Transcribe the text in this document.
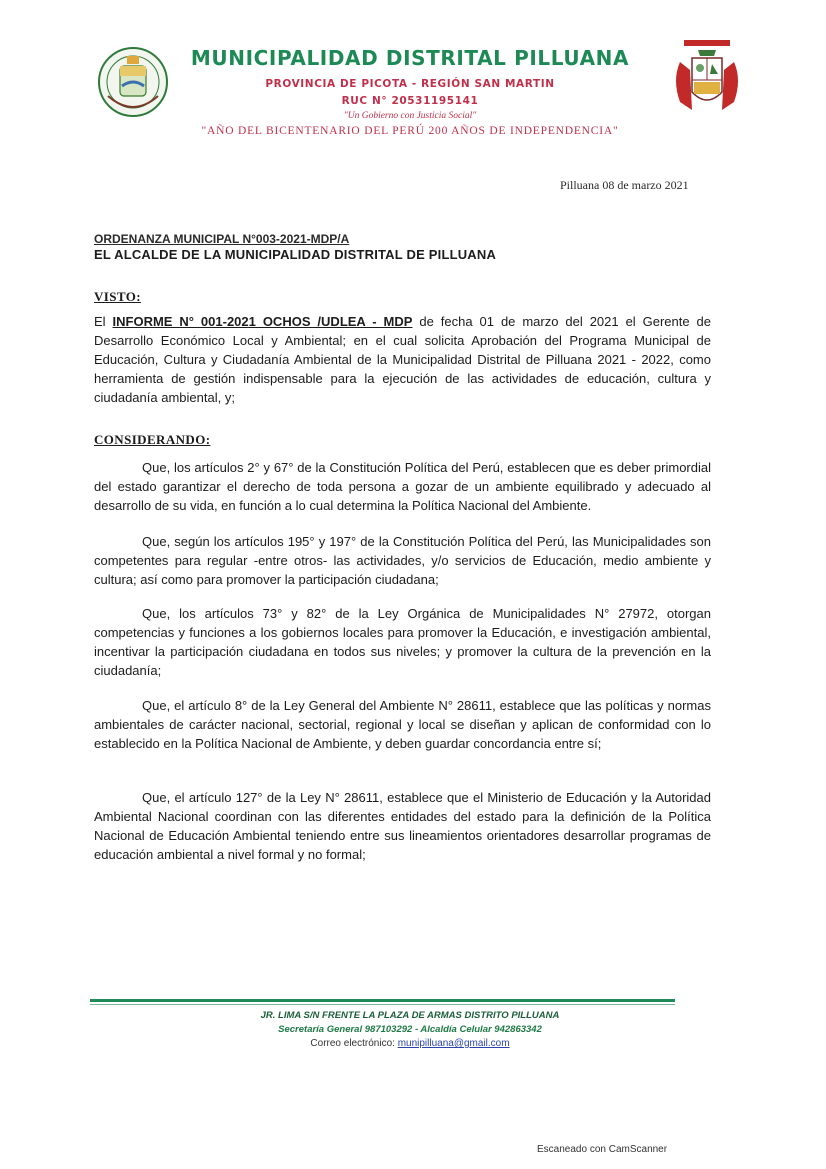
MUNICIPALIDAD DISTRITAL PILLUANA
PROVINCIA DE PICOTA - REGIÓN SAN MARTIN
RUC N° 20531195141
"Un Gobierno con Justicia Social"
"AÑO DEL BICENTENARIO DEL PERÚ 200 AÑOS DE INDEPENDENCIA"
Pilluana 08 de marzo 2021
ORDENANZA MUNICIPAL N°003-2021-MDP/A
EL ALCALDE DE LA MUNICIPALIDAD DISTRITAL DE PILLUANA
VISTO:
El INFORME N° 001-2021 OCHOS /UDLEA - MDP de fecha 01 de marzo del 2021 el Gerente de Desarrollo Económico Local y Ambiental; en el cual solicita Aprobación del Programa Municipal de Educación, Cultura y Ciudadanía Ambiental de la Municipalidad Distrital de Pilluana 2021 - 2022, como herramienta de gestión indispensable para la ejecución de las actividades de educación, cultura y ciudadanía ambiental, y;
CONSIDERANDO:
Que, los artículos 2° y 67° de la Constitución Política del Perú, establecen que es deber primordial del estado garantizar el derecho de toda persona a gozar de un ambiente equilibrado y adecuado al desarrollo de su vida, en función a lo cual determina la Política Nacional del Ambiente.
Que, según los artículos 195° y 197° de la Constitución Política del Perú, las Municipalidades son competentes para regular -entre otros- las actividades, y/o servicios de Educación, medio ambiente y cultura; así como para promover la participación ciudadana;
Que, los artículos 73° y 82° de la Ley Orgánica de Municipalidades N° 27972, otorgan competencias y funciones a los gobiernos locales para promover la Educación, e investigación ambiental, incentivar la participación ciudadana en todos sus niveles; y promover la cultura de la prevención en la ciudadanía;
Que, el artículo 8° de la Ley General del Ambiente N° 28611, establece que las políticas y normas ambientales de carácter nacional, sectorial, regional y local se diseñan y aplican de conformidad con lo establecido en la Política Nacional de Ambiente, y deben guardar concordancia entre sí;
Que, el artículo 127° de la Ley N° 28611, establece que el Ministerio de Educación y la Autoridad Ambiental Nacional coordinan con las diferentes entidades del estado para la definición de la Política Nacional de Educación Ambiental teniendo entre sus lineamientos orientadores desarrollar programas de educación ambiental a nivel formal y no formal;
JR. LIMA S/N FRENTE LA PLAZA DE ARMAS DISTRITO PILLUANA
Secretaría General 987103292 - Alcaldía Celular 942863342
Correo electrónico: munipilluana@gmail.com
Escaneado con CamScanner
